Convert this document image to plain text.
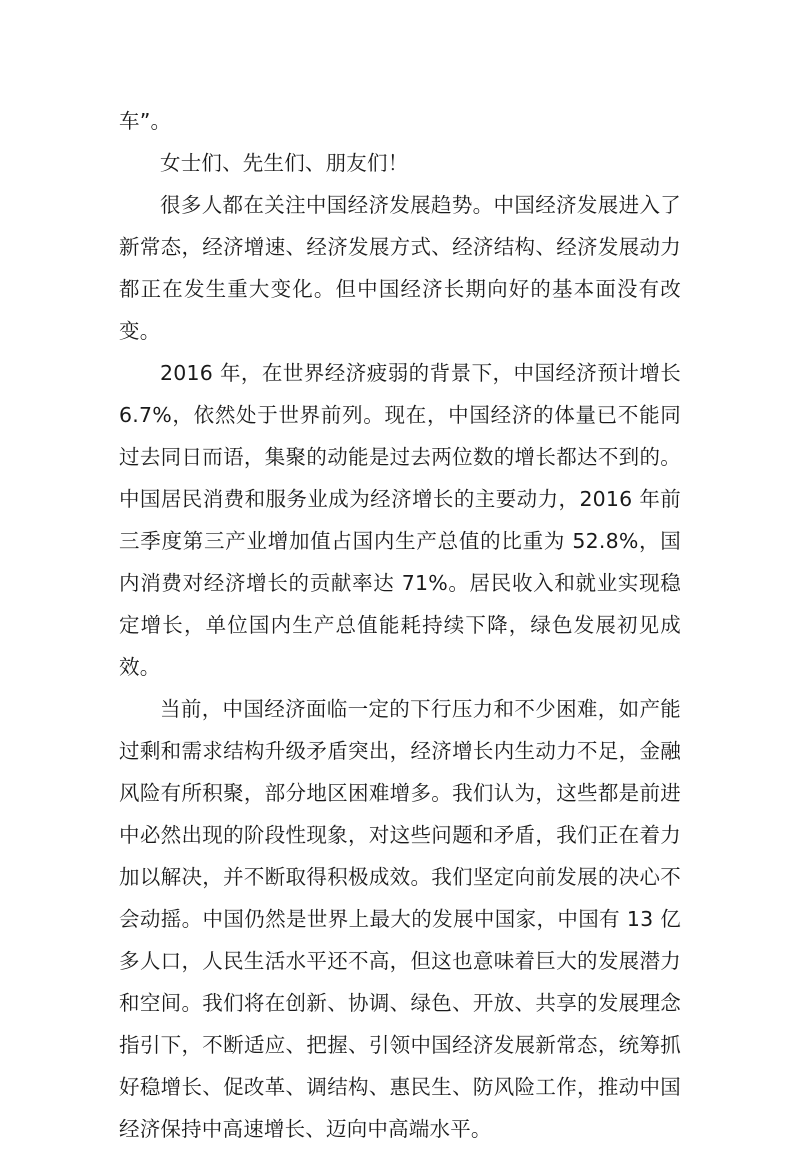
车”。

女士们、先生们、朋友们！

很多人都在关注中国经济发展趋势。中国经济发展进入了新常态，经济增速、经济发展方式、经济结构、经济发展动力都正在发生重大变化。但中国经济长期向好的基本面没有改变。

2016 年，在世界经济疲弱的背景下，中国经济预计增长 6.7%，依然处于世界前列。现在，中国经济的体量已不能同过去同日而语，集聚的动能是过去两位数的增长都达不到的。中国居民消费和服务业成为经济增长的主要动力，2016 年前三季度第三产业增加值占国内生产总值的比重为 52.8%，国内消费对经济增长的贡献率达 71%。居民收入和就业实现稳定增长，单位国内生产总值能耗持续下降，绿色发展初见成效。

当前，中国经济面临一定的下行压力和不少困难，如产能过剩和需求结构升级矛盾突出，经济增长内生动力不足，金融风险有所积聚，部分地区困难增多。我们认为，这些都是前进中必然出现的阶段性现象，对这些问题和矛盾，我们正在着力加以解决，并不断取得积极成效。我们坚定向前发展的决心不会动摇。中国仍然是世界上最大的发展中国家，中国有 13 亿多人口，人民生活水平还不高，但这也意味着巨大的发展潜力和空间。我们将在创新、协调、绿色、开放、共享的发展理念指引下，不断适应、把握、引领中国经济发展新常态，统筹抓好稳增长、促改革、调结构、惠民生、防风险工作，推动中国经济保持中高速增长、迈向中高端水平。
